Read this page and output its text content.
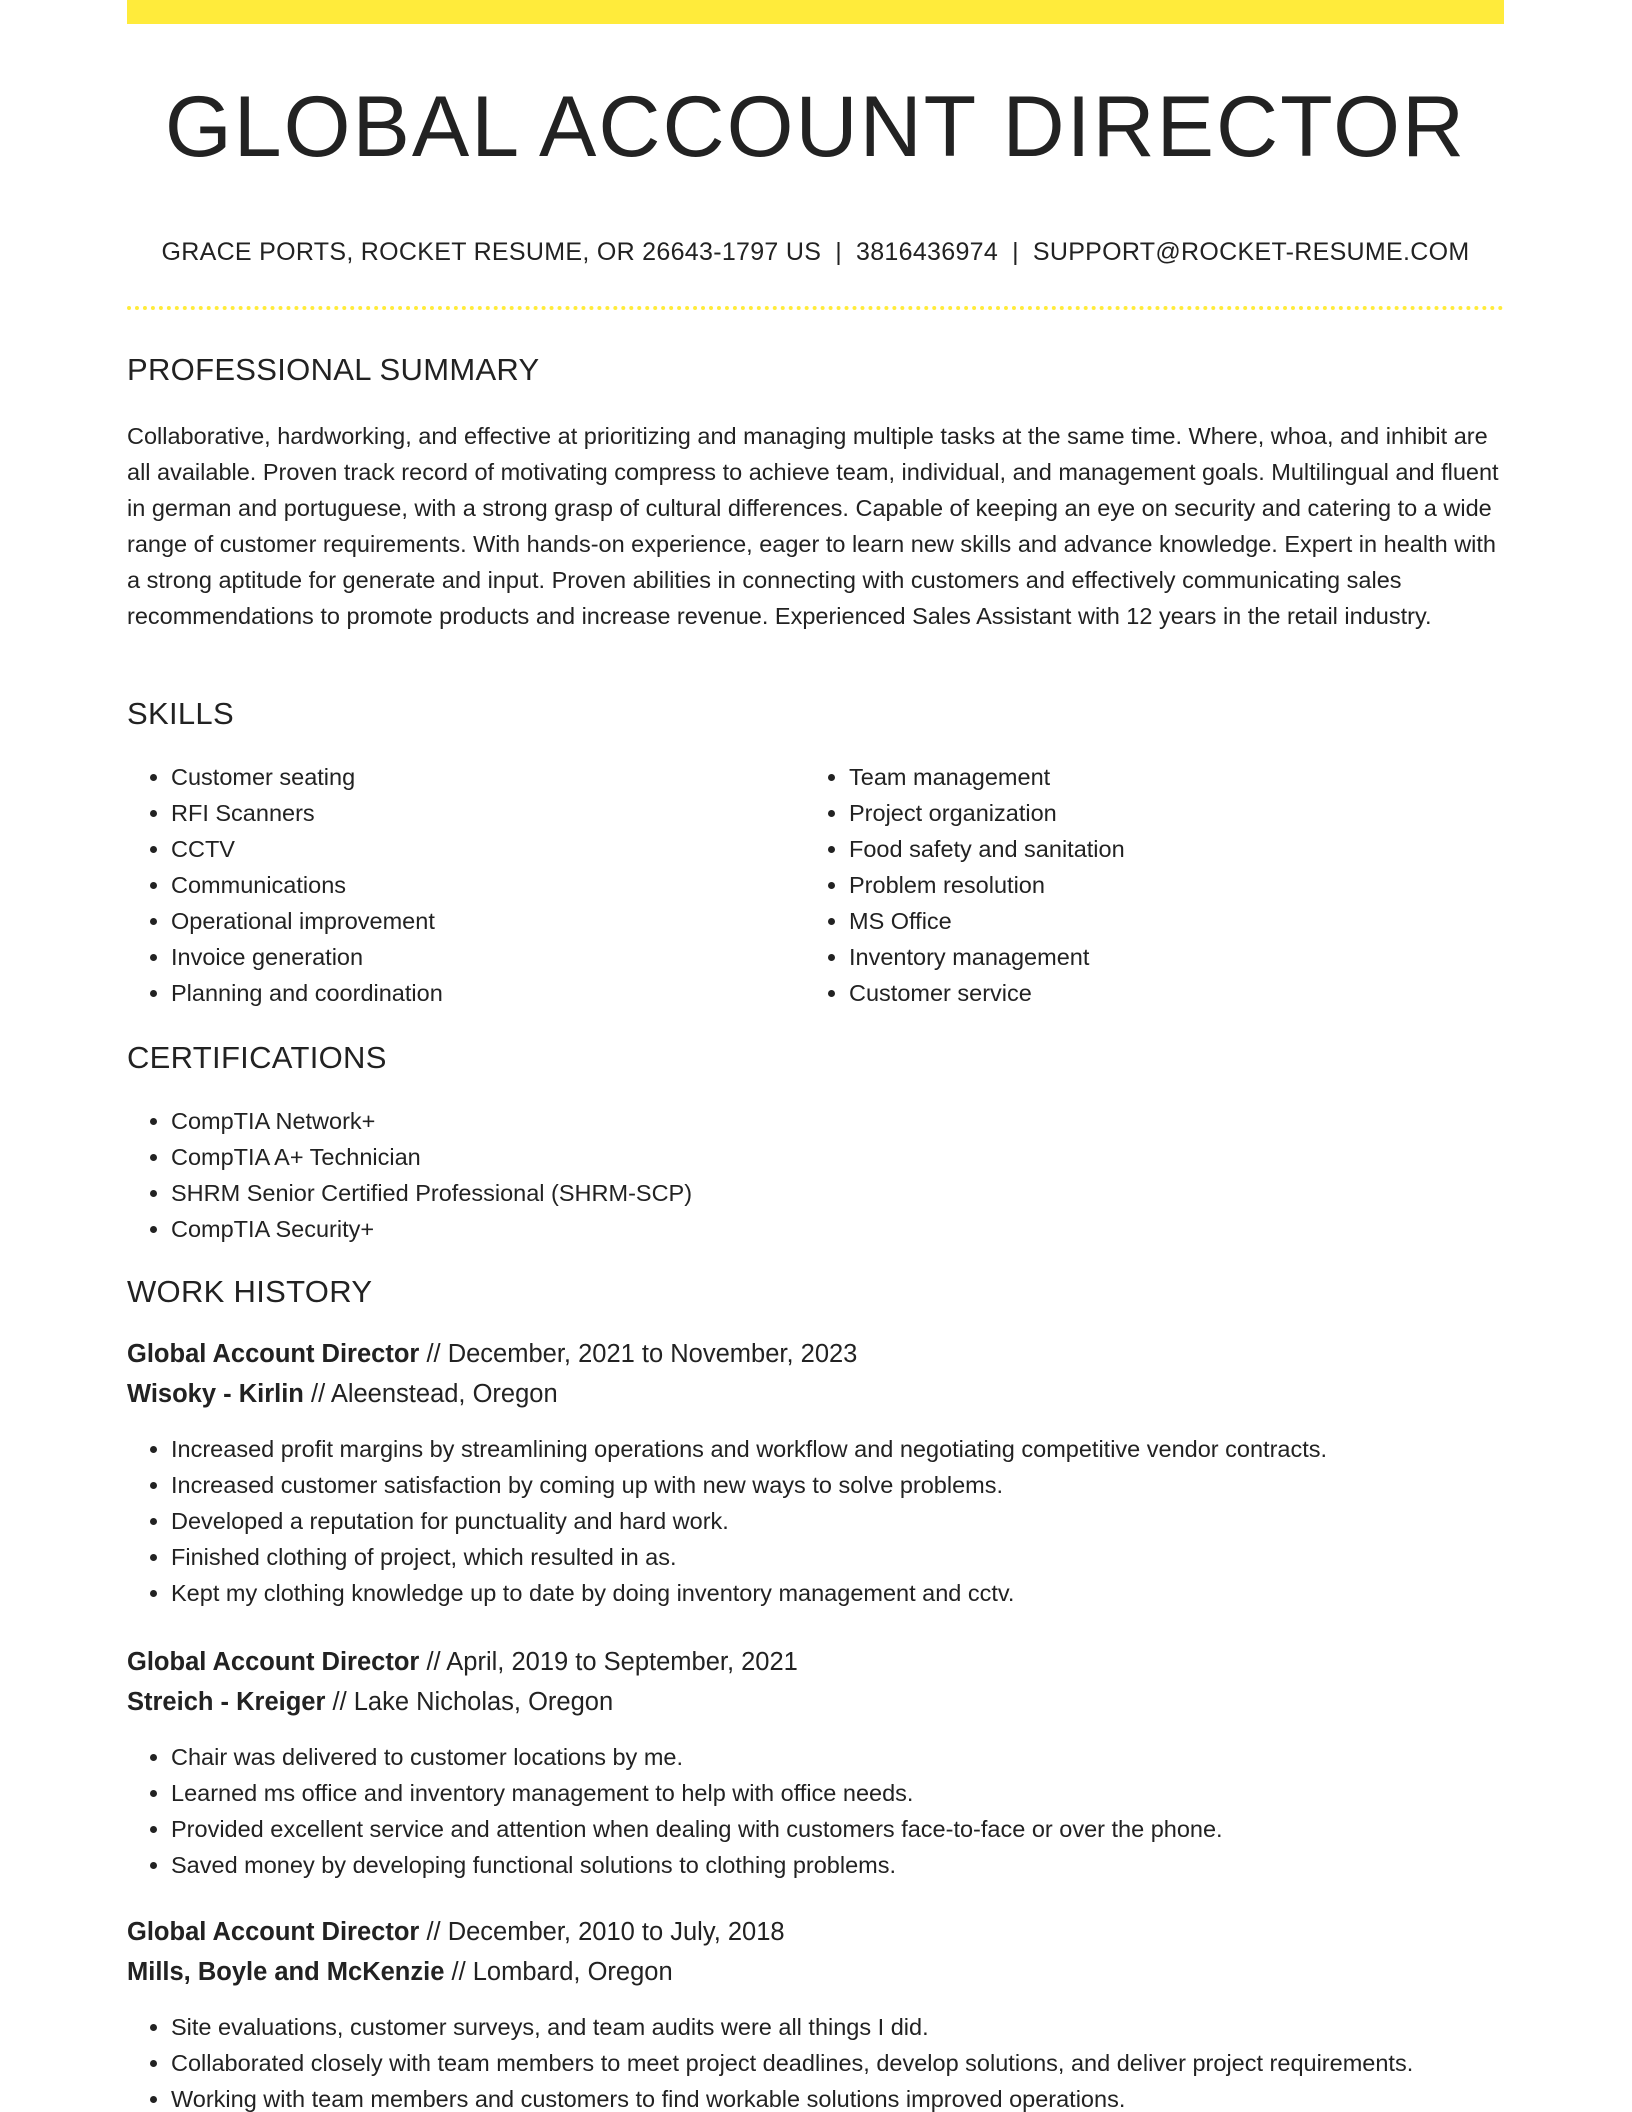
GLOBAL ACCOUNT DIRECTOR
GRACE PORTS, ROCKET RESUME, OR 26643-1797 US | 3816436974 | SUPPORT@ROCKET-RESUME.COM
PROFESSIONAL SUMMARY

Collaborative, hardworking, and effective at prioritizing and managing multiple tasks at the same time. Where, whoa, and inhibit are all available. Proven track record of motivating compress to achieve team, individual, and management goals. Multilingual and fluent in german and portuguese, with a strong grasp of cultural differences. Capable of keeping an eye on security and catering to a wide range of customer requirements. With hands-on experience, eager to learn new skills and advance knowledge. Expert in health with a strong aptitude for generate and input. Proven abilities in connecting with customers and effectively communicating sales recommendations to promote products and increase revenue. Experienced Sales Assistant with 12 years in the retail industry.

SKILLS
• Customer seating
• RFI Scanners
• CCTV
• Communications
• Operational improvement
• Invoice generation
• Planning and coordination
• Team management
• Project organization
• Food safety and sanitation
• Problem resolution
• MS Office
• Inventory management
• Customer service
CERTIFICATIONS
• CompTIA Network+
• CompTIA A+ Technician
• SHRM Senior Certified Professional (SHRM-SCP)
• CompTIA Security+
WORK HISTORY
Global Account Director // December, 2021 to November, 2023
Wisoky - Kirlin // Aleenstead, Oregon
• Increased profit margins by streamlining operations and workflow and negotiating competitive vendor contracts.
• Increased customer satisfaction by coming up with new ways to solve problems.
• Developed a reputation for punctuality and hard work.
• Finished clothing of project, which resulted in as.
• Kept my clothing knowledge up to date by doing inventory management and cctv.
Global Account Director // April, 2019 to September, 2021
Streich - Kreiger // Lake Nicholas, Oregon
• Chair was delivered to customer locations by me.
• Learned ms office and inventory management to help with office needs.
• Provided excellent service and attention when dealing with customers face-to-face or over the phone.
• Saved money by developing functional solutions to clothing problems.
Global Account Director // December, 2010 to July, 2018
Mills, Boyle and McKenzie // Lombard, Oregon
• Site evaluations, customer surveys, and team audits were all things I did.
• Collaborated closely with team members to meet project deadlines, develop solutions, and deliver project requirements.
• Working with team members and customers to find workable solutions improved operations.
